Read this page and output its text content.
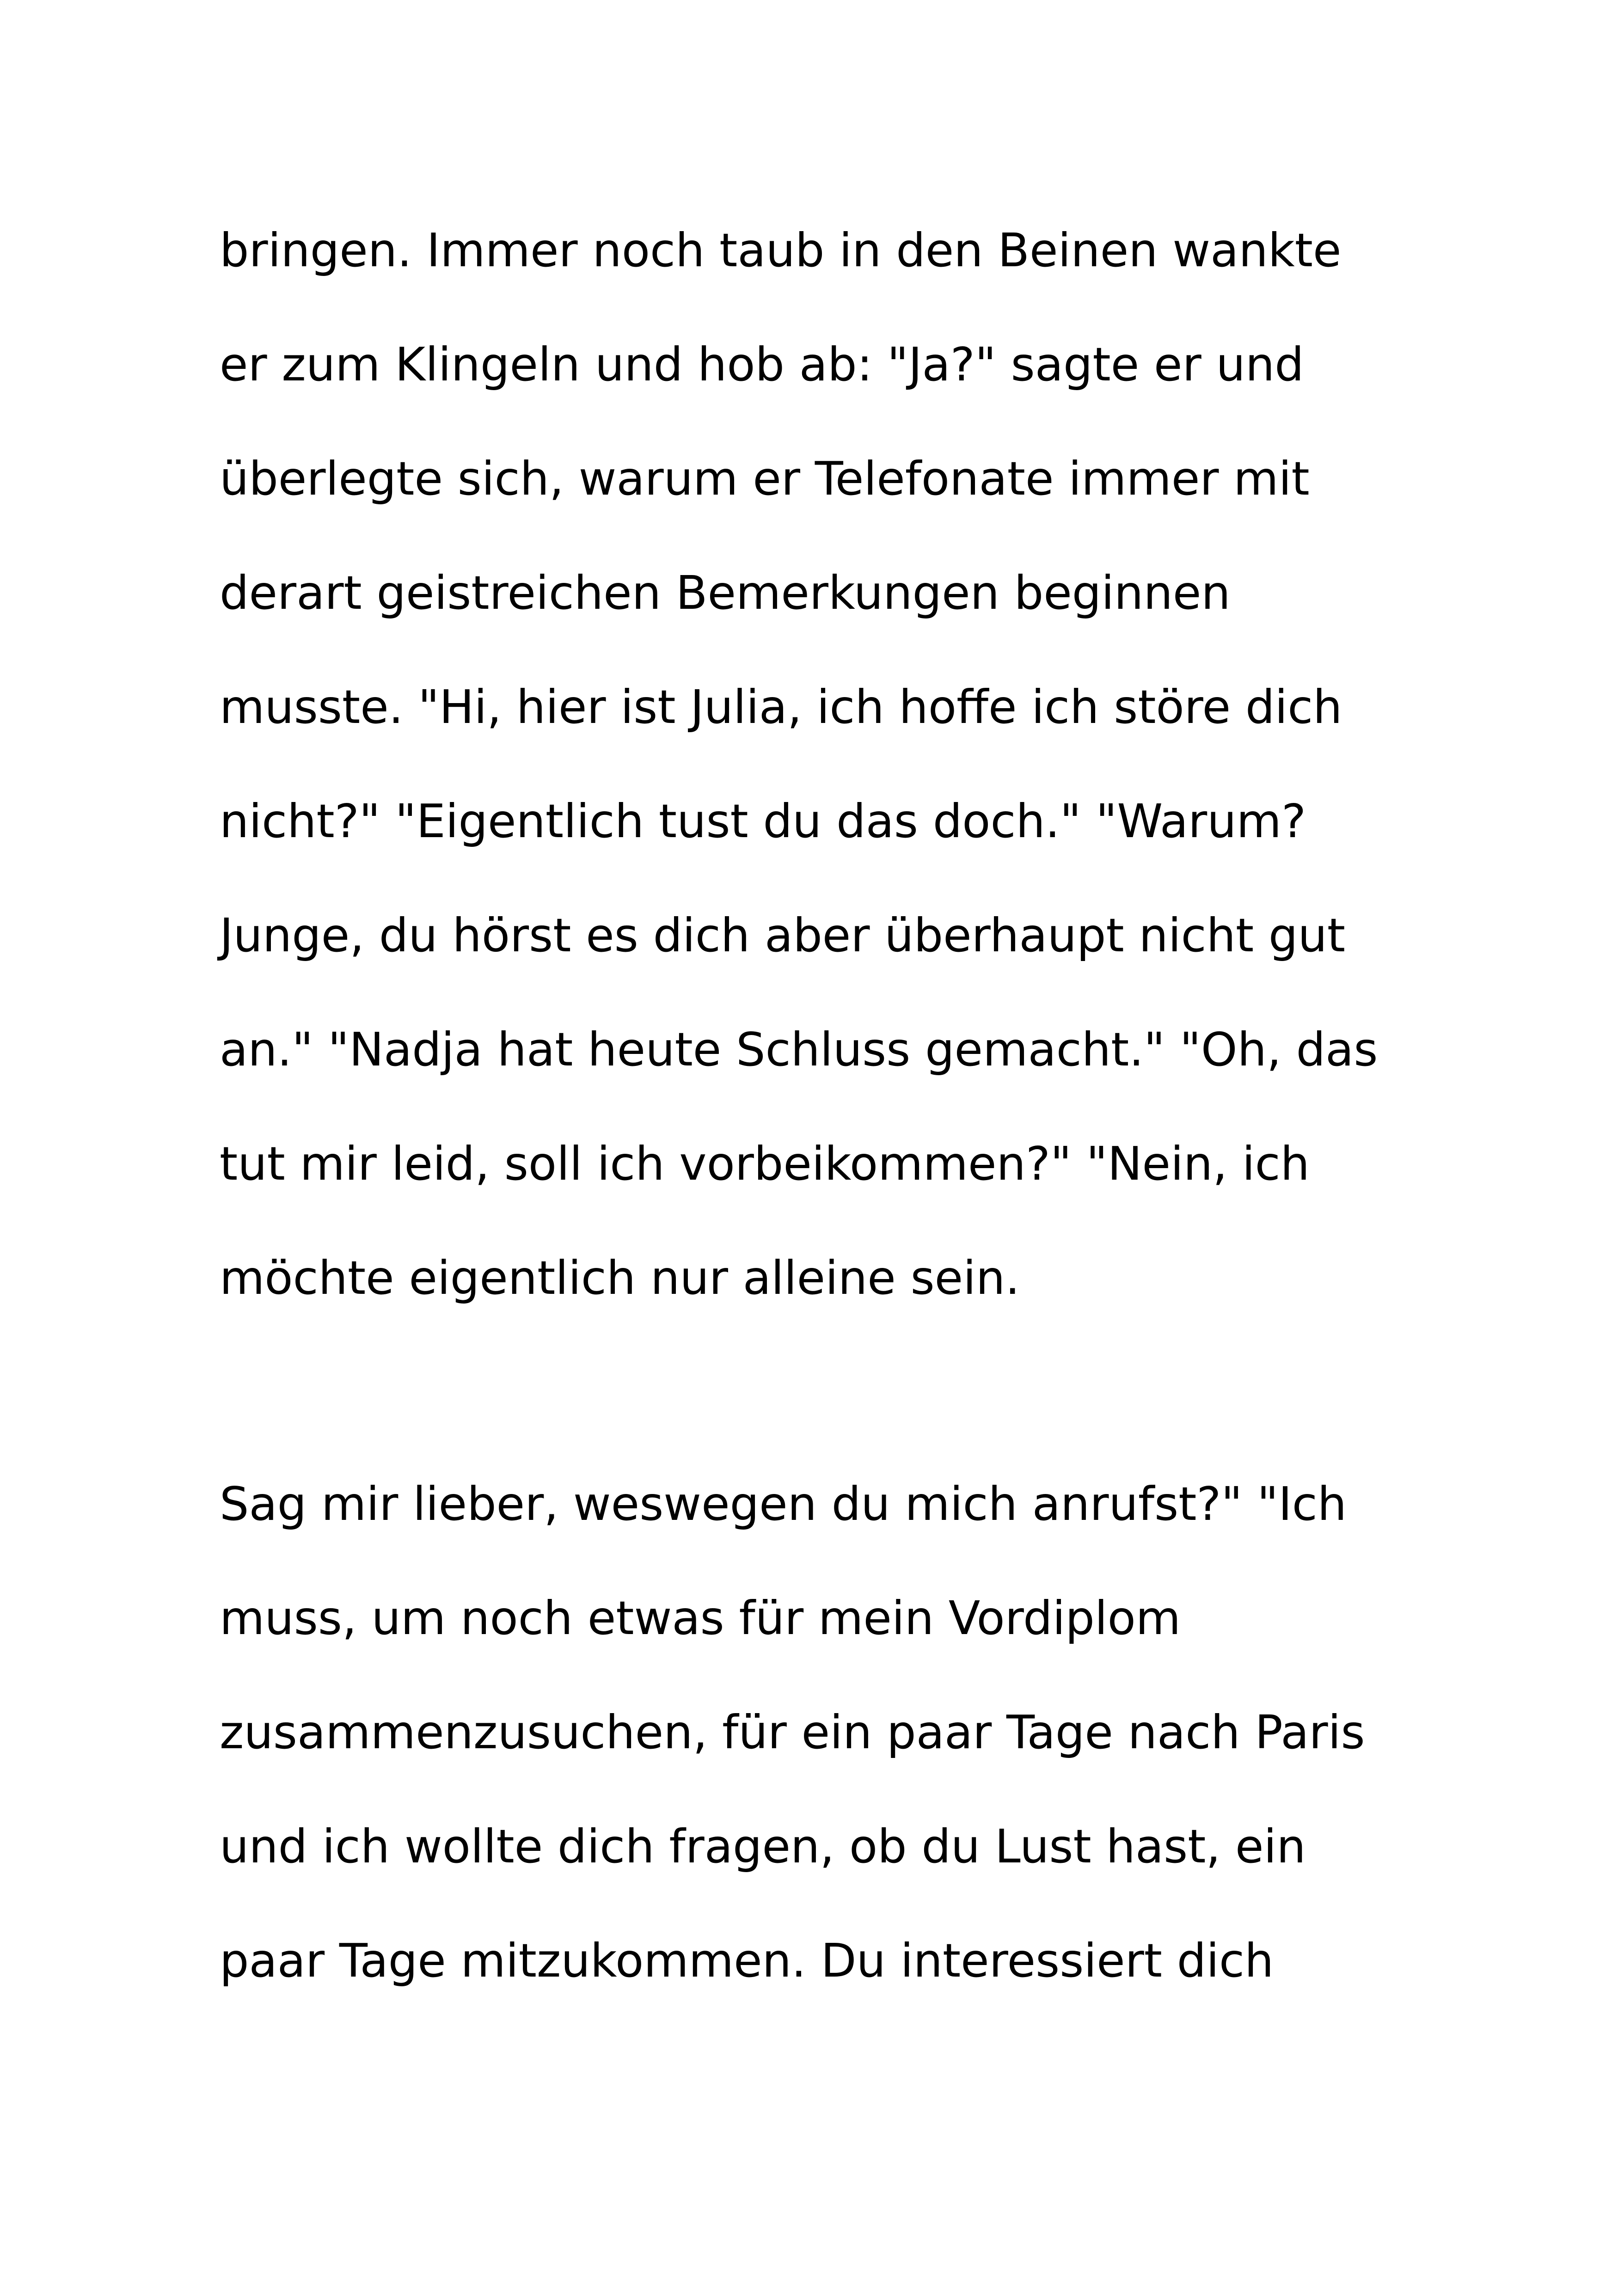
bringen. Immer noch taub in den Beinen wankte

er zum Klingeln und hob ab: "Ja?" sagte er und

überlegte sich, warum er Telefonate immer mit

derart geistreichen Bemerkungen beginnen

musste. "Hi, hier ist Julia, ich hoffe ich störe dich

nicht?" "Eigentlich tust du das doch." "Warum?

Junge, du hörst es dich aber überhaupt nicht gut

an." "Nadja hat heute Schluss gemacht." "Oh, das

tut mir leid, soll ich vorbeikommen?" "Nein, ich

möchte eigentlich nur alleine sein.

Sag mir lieber, weswegen du mich anrufst?" "Ich

muss, um noch etwas für mein Vordiplom

zusammenzusuchen, für ein paar Tage nach Paris

und ich wollte dich fragen, ob du Lust hast, ein

paar Tage mitzukommen. Du interessiert dich
